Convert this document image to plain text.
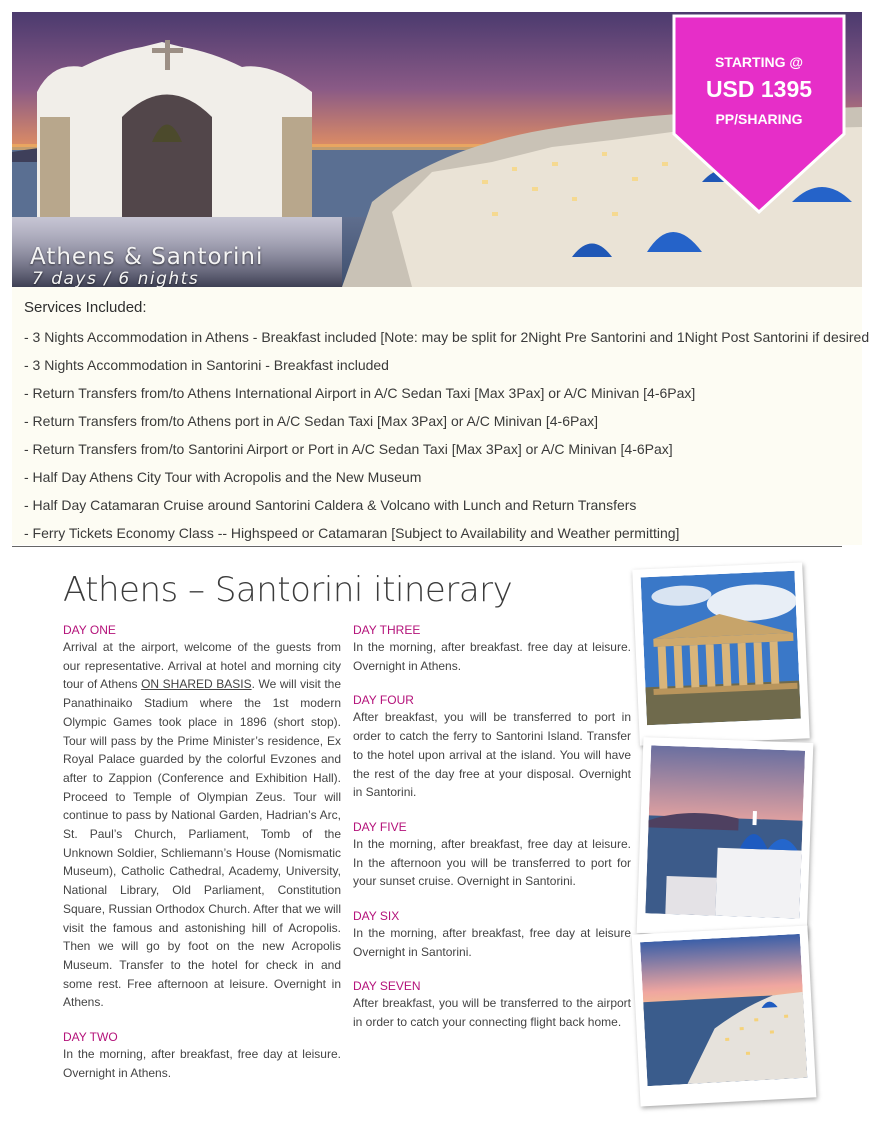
Athens & Santorini
7 days / 6 nights
STARTING @
USD 1395
PP/SHARING
Services Included:
- 3 Nights Accommodation in Athens - Breakfast included [Note: may be split for 2Night Pre Santorini and 1Night Post Santorini if desired
- 3 Nights Accommodation in Santorini - Breakfast included
- Return Transfers from/to Athens International Airport in A/C Sedan Taxi [Max 3Pax] or A/C Minivan [4-6Pax]
- Return Transfers from/to Athens port in A/C Sedan Taxi [Max 3Pax] or A/C Minivan [4-6Pax]
- Return Transfers from/to Santorini Airport or Port in A/C Sedan Taxi [Max 3Pax] or A/C Minivan [4-6Pax]
- Half Day Athens City Tour with Acropolis and the New Museum
- Half Day Catamaran Cruise around Santorini Caldera & Volcano with Lunch and Return Transfers
- Ferry Tickets Economy Class -- Highspeed or Catamaran [Subject to Availability and Weather permitting]
Athens – Santorini itinerary

DAY ONE

Arrival at the airport, welcome of the guests from our representative. Arrival at hotel and morning city tour of Athens ON SHARED BASIS. We will visit the Panathinaiko Stadium where the 1st modern Olympic Games took place in 1896 (short stop). Tour will pass by the Prime Minister’s residence, Ex Royal Palace guarded by the colorful Evzones and after to Zappion (Conference and Exhibition Hall). Proceed to Temple of Olympian Zeus. Tour will continue to pass by National Garden, Hadrian’s Arc, St. Paul’s Church, Parliament, Tomb of the Unknown Soldier, Schliemann’s House (Nomismatic Museum), Catholic Cathedral, Academy, University, National Library, Old Parliament, Constitution Square, Russian Orthodox Church. After that we will visit the famous and astonishing hill of Acropolis. Then we will go by foot on the new Acropolis Museum. Transfer to the hotel for check in and some rest. Free afternoon at leisure. Overnight in Athens.

DAY TWO

In the morning, after breakfast, free day at leisure. Overnight in Athens.

DAY THREE

In the morning, after breakfast. free day at leisure. Overnight in Athens.

DAY FOUR

After breakfast, you will be transferred to port in order to catch the ferry to Santorini Island. Transfer to the hotel upon arrival at the island. You will have the rest of the day free at your disposal. Overnight in Santorini.

DAY FIVE

In the morning, after breakfast, free day at leisure. In the afternoon you will be transferred to port for your sunset cruise. Overnight in Santorini.

DAY SIX

In the morning, after breakfast, free day at leisure Overnight in Santorini.

DAY SEVEN

After breakfast, you will be transferred to the airport in order to catch your connecting flight back home.
